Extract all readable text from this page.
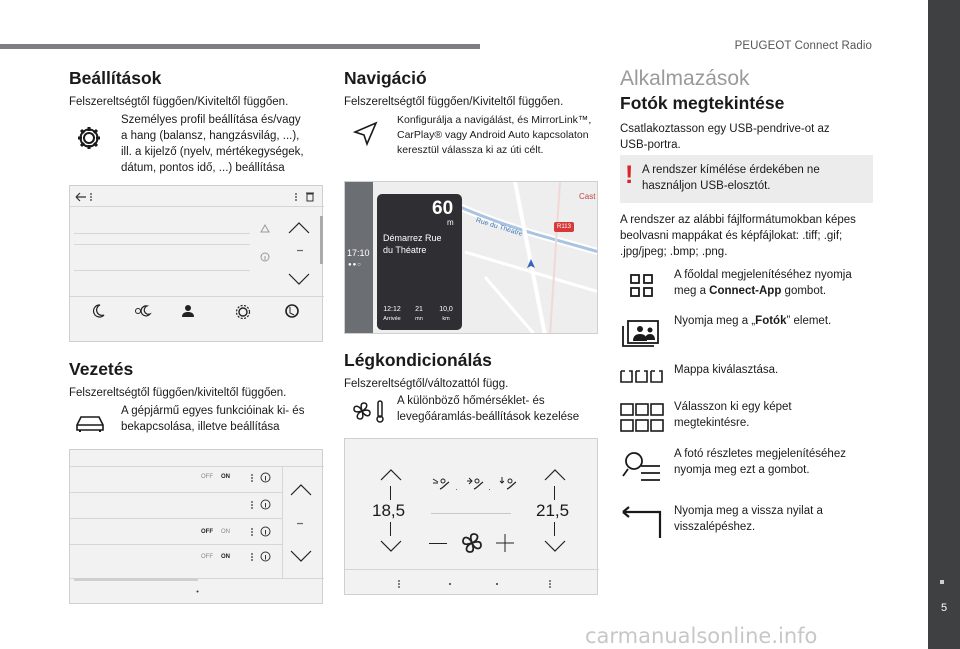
PEUGEOT Connect Radio
5
carmanualsonline.info
Beállítások

Felszereltségtől függően/Kiviteltől függően.

Személyes profil beállítása és/vagy

a hang (balansz, hangzásvilág, ...),

ill. a kijelző (nyelv, mértékegységek,

dátum, pontos idő, ...) beállítása

Vezetés

Felszereltségtől függően/kiviteltől függően.

A gépjármű egyes funkcióinak ki- és

bekapcsolása, illetve beállítása

OFF ON
OFF ON
OFF ON
Navigáció

Felszereltségtől függően/Kiviteltől függően.

Konfigurálja a navigálást, és MirrorLink™,

CarPlay® vagy Android Auto kapcsolaton

keresztül válassza ki az úti célt.

R113
Cast
Rue du Théatre
17:10
●●○
60
m
Démarrez Rue
du Théatre
12:12
Arrivée
21
mn
10,0
km
Légkondicionálás

Felszereltségtől/változattól függ.

A különböző hőmérséklet- és

levegőáramlás-beállítások kezelése

18,5	21,5
·	·
Alkalmazások
Fotók megtekintése

Csatlakoztasson egy USB-pendrive-ot az

USB-portra.

! A rendszer kímélése érdekében ne

használjon USB-elosztót.

A rendszer az alábbi fájlformátumokban képes

beolvasni mappákat és képfájlokat: .tiff; .gif;

.jpg/jpeg; .bmp; .png.

A főoldal megjelenítéséhez nyomja

meg a Connect-App gombot.

Nyomja meg a „Fotók” elemet.

Mappa kiválasztása.

Válasszon ki egy képet

megtekintésre.

A fotó részletes megjelenítéséhez

nyomja meg ezt a gombot.

Nyomja meg a vissza nyilat a

visszalépéshez.
